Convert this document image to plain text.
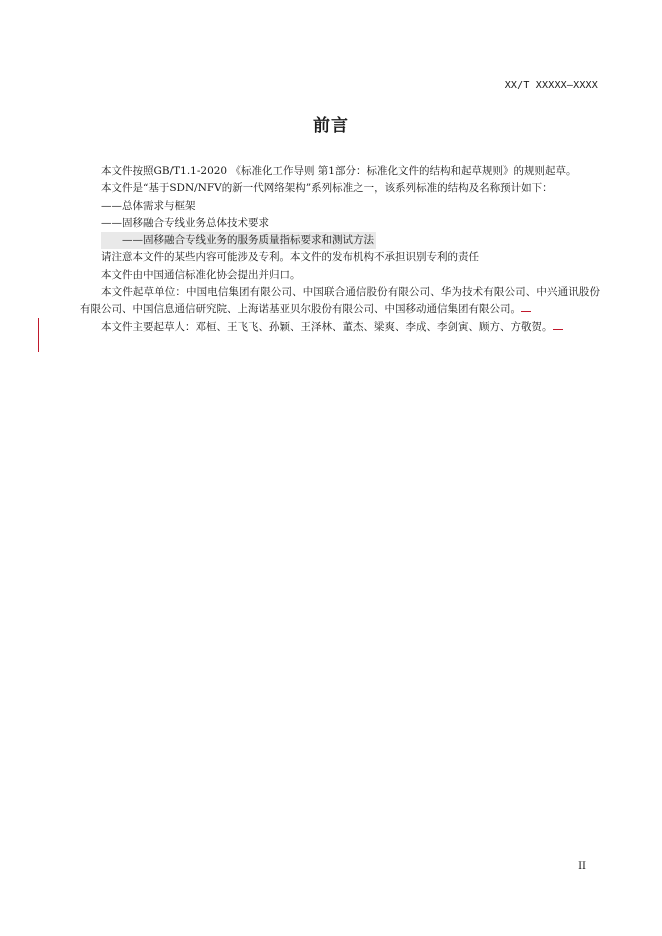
XX/T XXXXX—XXXX
前言

本文件按照GB/T1.1-2020 《标准化工作导则 第1部分：标准化文件的结构和起草规则》的规则起草。

本文件是“基于SDN/NFV的新一代网络架构”系列标准之一，该系列标准的结构及名称预计如下：

——总体需求与框架

——固移融合专线业务总体技术要求

——固移融合专线业务的服务质量指标要求和测试方法

请注意本文件的某些内容可能涉及专利。本文件的发布机构不承担识别专利的责任

本文件由中国通信标准化协会提出并归口。

本文件起草单位：中国电信集团有限公司、中国联合通信股份有限公司、华为技术有限公司、中兴通讯股份有限公司、中国信息通信研究院、上海诺基亚贝尔股份有限公司、中国移动通信集团有限公司。

本文件主要起草人：邓桓、王飞飞、孙颖、王泽林、董杰、梁爽、李成、李剑寅、顾方、方敬贺。

II
